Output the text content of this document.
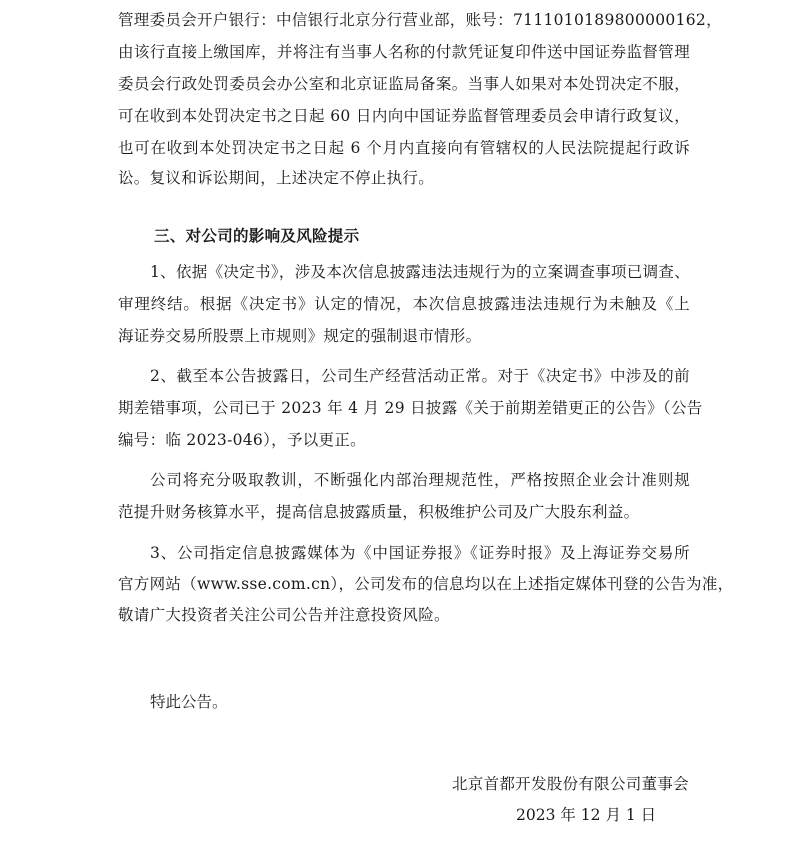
管理委员会开户银行：中信银行北京分行营业部，账号：7111010189800000162，
由该行直接上缴国库，并将注有当事人名称的付款凭证复印件送中国证券监督管理
委员会行政处罚委员会办公室和北京证监局备案。当事人如果对本处罚决定不服，
可在收到本处罚决定书之日起 60 日内向中国证券监督管理委员会申请行政复议，
也可在收到本处罚决定书之日起 6 个月内直接向有管辖权的人民法院提起行政诉
讼。复议和诉讼期间，上述决定不停止执行。
三、对公司的影响及风险提示
1、依据《决定书》，涉及本次信息披露违法违规行为的立案调查事项已调查、
审理终结。根据《决定书》认定的情况，本次信息披露违法违规行为未触及《上
海证券交易所股票上市规则》规定的强制退市情形。
2、截至本公告披露日，公司生产经营活动正常。对于《决定书》中涉及的前
期差错事项，公司已于 2023 年 4 月 29 日披露《关于前期差错更正的公告》（公告
编号：临 2023-046），予以更正。
公司将充分吸取教训，不断强化内部治理规范性，严格按照企业会计准则规
范提升财务核算水平，提高信息披露质量，积极维护公司及广大股东利益。
3、公司指定信息披露媒体为《中国证券报》《证券时报》及上海证券交易所
官方网站（www.sse.com.cn），公司发布的信息均以在上述指定媒体刊登的公告为准，
敬请广大投资者关注公司公告并注意投资风险。
特此公告。
北京首都开发股份有限公司董事会
2023 年 12 月 1 日
